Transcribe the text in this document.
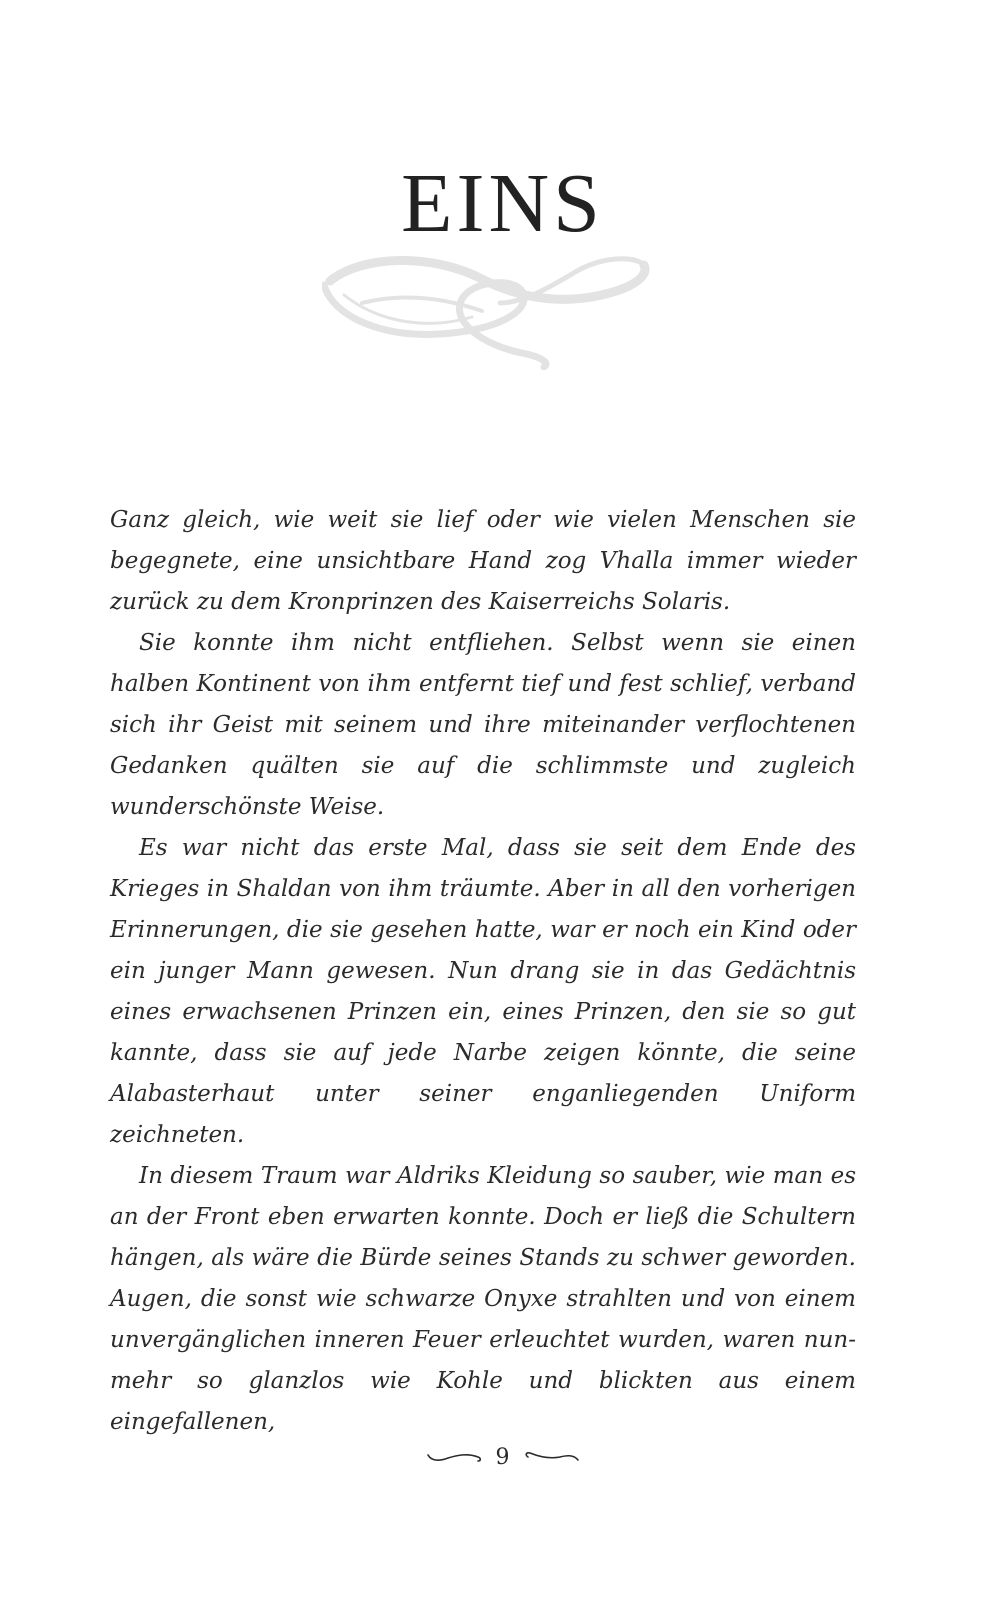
EINS

Ganz gleich, wie weit sie lief oder wie vielen Menschen sie begegnete, eine unsichtbare Hand zog Vhalla immer wieder zurück zu dem Kronprinzen des Kaiserreichs Solaris.

Sie konnte ihm nicht entfliehen. Selbst wenn sie einen halben Kontinent von ihm entfernt tief und fest schlief, verband sich ihr Geist mit seinem und ihre miteinander verflochtenen Gedanken quälten sie auf die schlimmste und zugleich wunderschönste Weise.

Es war nicht das erste Mal, dass sie seit dem Ende des Krieges in Shaldan von ihm träumte. Aber in all den vorherigen Erinnerungen, die sie gesehen hatte, war er noch ein Kind oder ein junger Mann gewesen. Nun drang sie in das Gedächtnis eines erwachsenen Prinzen ein, eines Prinzen, den sie so gut kannte, dass sie auf jede Narbe zeigen könnte, die seine Alabasterhaut unter seiner enganliegenden Uniform zeichneten.

In diesem Traum war Aldriks Kleidung so sauber, wie man es an der Front eben erwarten konnte. Doch er ließ die Schultern hängen, als wäre die Bürde seines Stands zu schwer geworden. Augen, die sonst wie schwarze Onyxe strahlten und von einem unvergänglichen inneren Feuer erleuchtet wurden, waren nunmehr so glanzlos wie Kohle und blickten aus einem eingefallenen,

9
